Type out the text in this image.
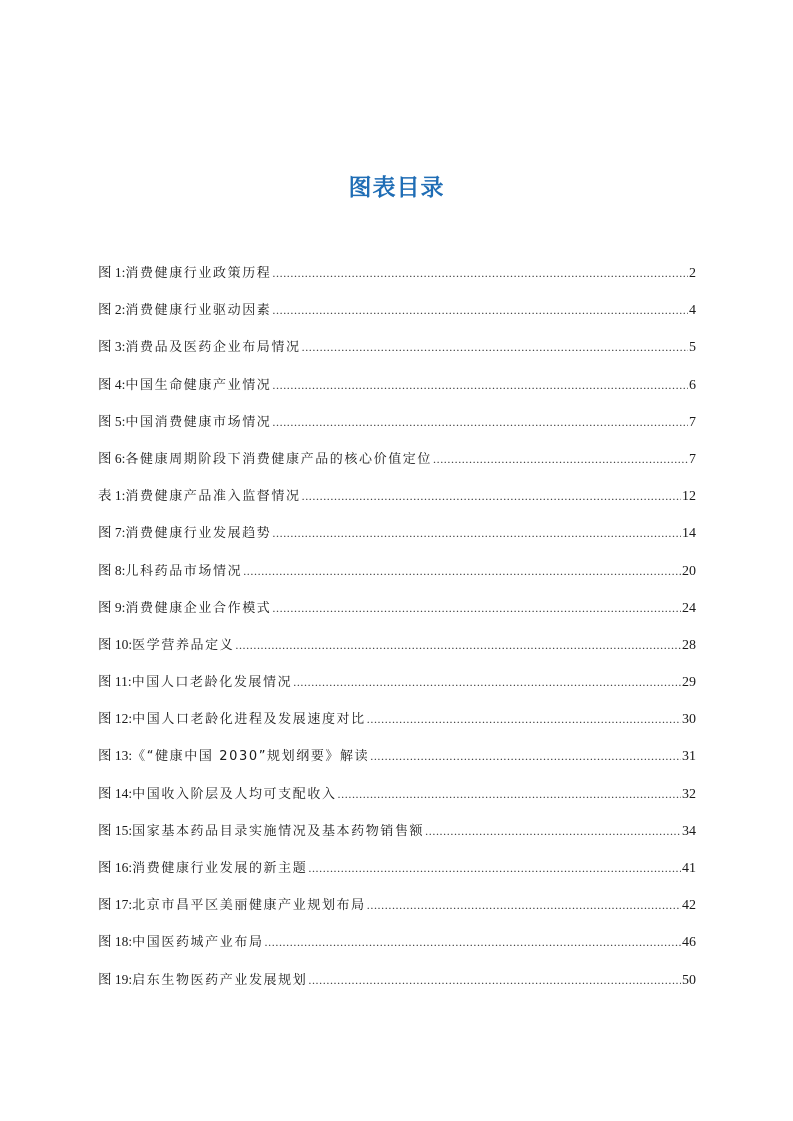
图表目录
图 1: 消费健康行业政策历程 .....	2
图 2: 消费健康行业驱动因素 .....	4
图 3: 消费品及医药企业布局情况 .....	5
图 4: 中国生命健康产业情况 .....	6
图 5: 中国消费健康市场情况 .....	7
图 6: 各健康周期阶段下消费健康产品的核心价值定位 .....	7
表 1: 消费健康产品准入监督情况 .....	12
图 7: 消费健康行业发展趋势 .....	14
图 8: 儿科药品市场情况 .....	20
图 9: 消费健康企业合作模式 .....	24
图 10: 医学营养品定义 .....	28
图 11: 中国人口老龄化发展情况 .....	29
图 12: 中国人口老龄化进程及发展速度对比 .....	30
图 13: 《“健康中国 2030”规划纲要》解读 .....	31
图 14: 中国收入阶层及人均可支配收入 .....	32
图 15: 国家基本药品目录实施情况及基本药物销售额 .....	34
图 16: 消费健康行业发展的新主题 .....	41
图 17: 北京市昌平区美丽健康产业规划布局 .....	42
图 18: 中国医药城产业布局 .....	46
图 19: 启东生物医药产业发展规划 .....	50
